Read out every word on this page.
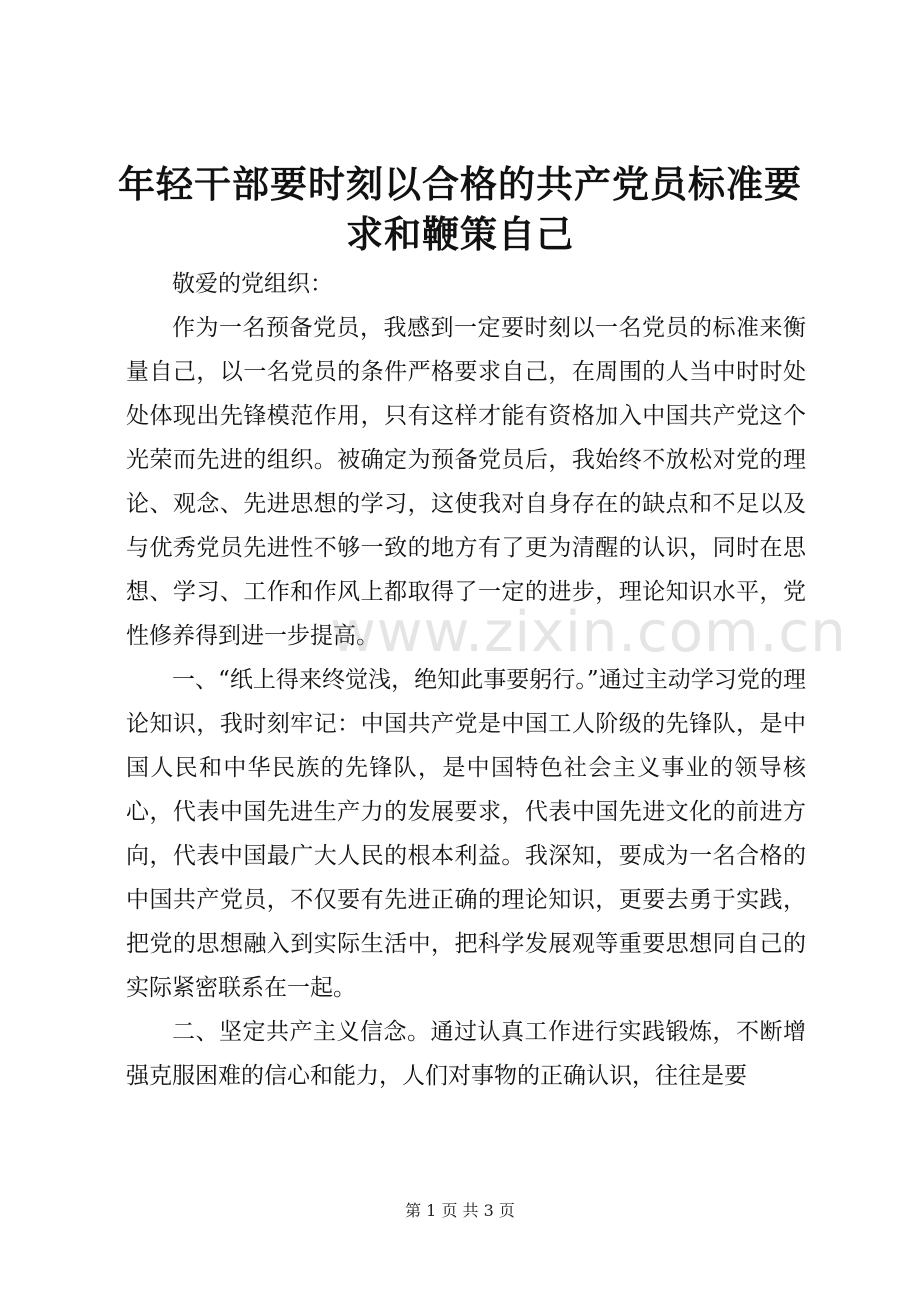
年轻干部要时刻以合格的共产党员标准要求和鞭策自己

敬爱的党组织：

作为一名预备党员，我感到一定要时刻以一名党员的标准来衡量自己，以一名党员的条件严格要求自己，在周围的人当中时时处处体现出先锋模范作用，只有这样才能有资格加入中国共产党这个光荣而先进的组织。被确定为预备党员后，我始终不放松对党的理论、观念、先进思想的学习，这使我对自身存在的缺点和不足以及与优秀党员先进性不够一致的地方有了更为清醒的认识，同时在思想、学习、工作和作风上都取得了一定的进步，理论知识水平，党性修养得到进一步提高。

一、“纸上得来终觉浅，绝知此事要躬行。”通过主动学习党的理论知识，我时刻牢记：中国共产党是中国工人阶级的先锋队，是中国人民和中华民族的先锋队，是中国特色社会主义事业的领导核心，代表中国先进生产力的发展要求，代表中国先进文化的前进方向，代表中国最广大人民的根本利益。我深知，要成为一名合格的中国共产党员，不仅要有先进正确的理论知识，更要去勇于实践，把党的思想融入到实际生活中，把科学发展观等重要思想同自己的实际紧密联系在一起。

二、坚定共产主义信念。通过认真工作进行实践锻炼，不断增强克服困难的信心和能力，人们对事物的正确认识，往往是要

www.zixin.com.cn
第 1 页 共 3 页
